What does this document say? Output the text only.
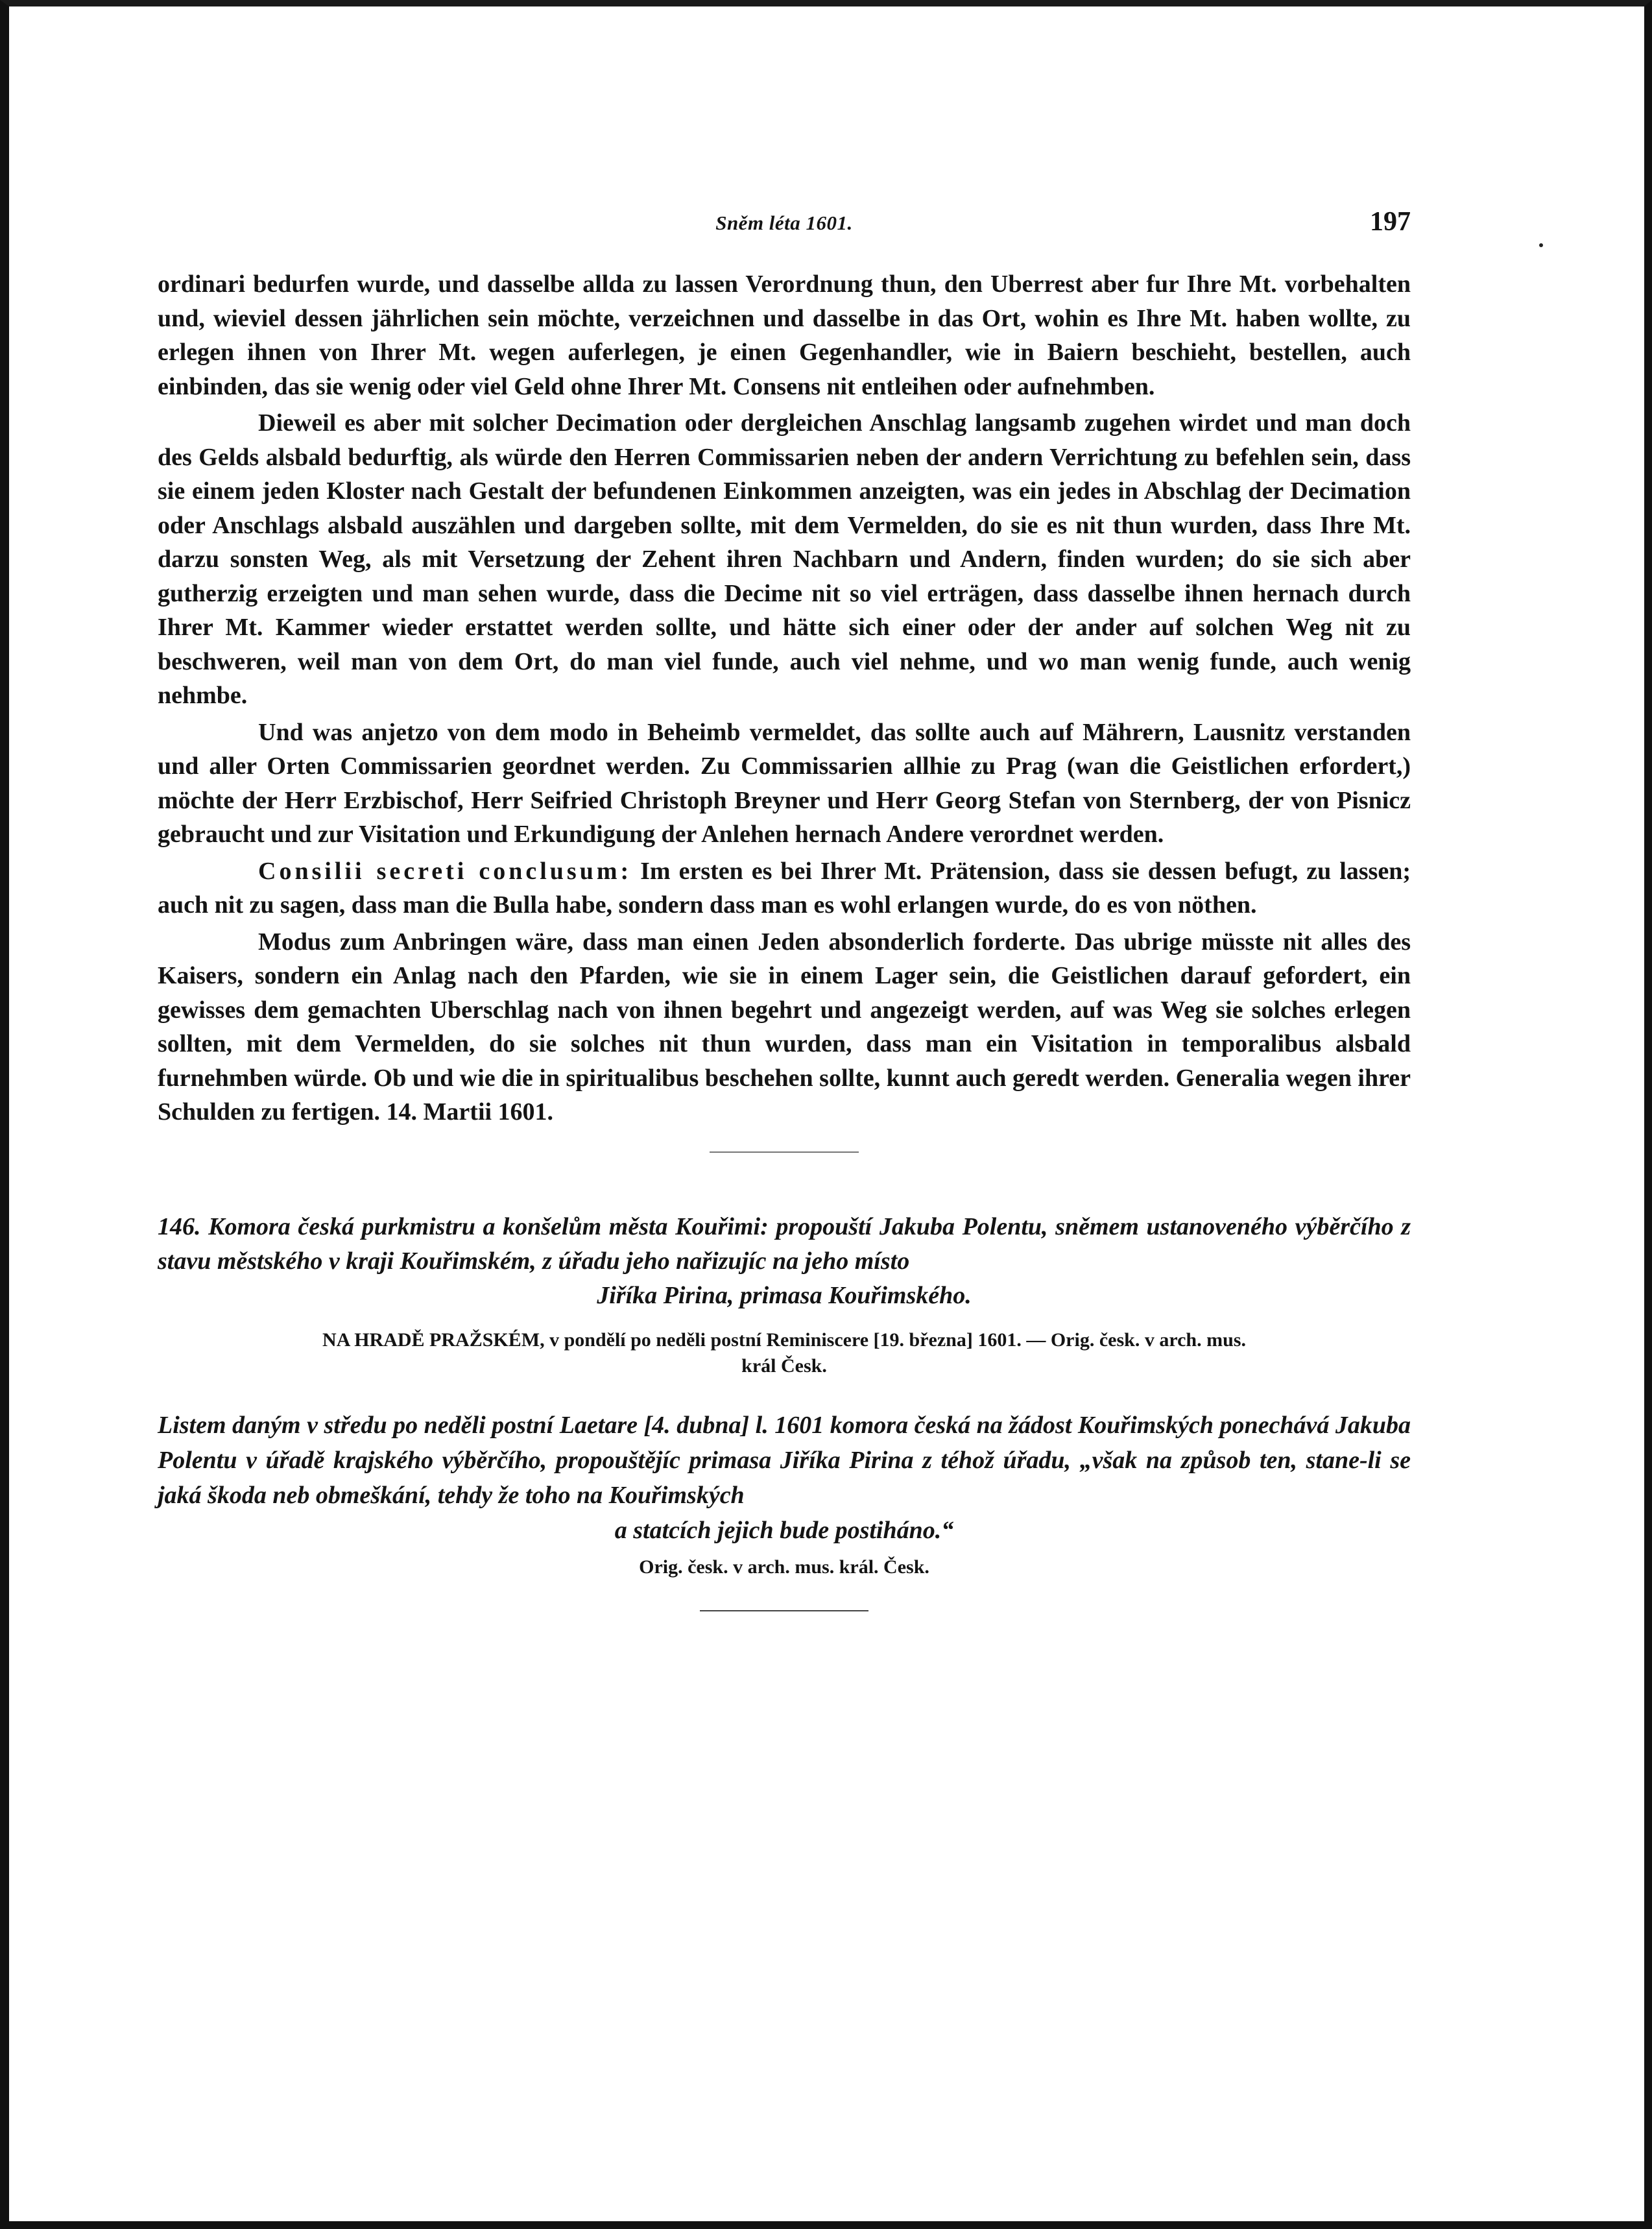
Sněm léta 1601.	197

ordinari bedurfen wurde, und dasselbe allda zu lassen Verordnung thun, den Uberrest aber fur Ihre Mt. vorbehalten und, wieviel dessen jährlichen sein möchte, verzeichnen und dasselbe in das Ort, wohin es Ihre Mt. haben wollte, zu erlegen ihnen von Ihrer Mt. wegen auferlegen, je einen Gegenhandler, wie in Baiern beschieht, bestellen, auch einbinden, das sie wenig oder viel Geld ohne Ihrer Mt. Consens nit entleihen oder aufnehmben.

Dieweil es aber mit solcher Decimation oder dergleichen Anschlag langsamb zugehen wirdet und man doch des Gelds alsbald bedurftig, als würde den Herren Commissarien neben der andern Verrichtung zu befehlen sein, dass sie einem jeden Kloster nach Gestalt der befundenen Einkommen anzeigten, was ein jedes in Abschlag der Decimation oder Anschlags alsbald auszählen und dargeben sollte, mit dem Vermelden, do sie es nit thun wurden, dass Ihre Mt. darzu sonsten Weg, als mit Versetzung der Zehent ihren Nachbarn und Andern, finden wurden; do sie sich aber gutherzig erzeigten und man sehen wurde, dass die Decime nit so viel erträgen, dass dasselbe ihnen hernach durch Ihrer Mt. Kammer wieder erstattet werden sollte, und hätte sich einer oder der ander auf solchen Weg nit zu beschweren, weil man von dem Ort, do man viel funde, auch viel nehme, und wo man wenig funde, auch wenig nehmbe.

Und was anjetzo von dem modo in Beheimb vermeldet, das sollte auch auf Mährern, Lausnitz verstanden und aller Orten Commissarien geordnet werden. Zu Commissarien allhie zu Prag (wan die Geistlichen erfordert,) möchte der Herr Erzbischof, Herr Seifried Christoph Breyner und Herr Georg Stefan von Sternberg, der von Pisnicz gebraucht und zur Visitation und Erkundigung der Anlehen hernach Andere verordnet werden.

Consilii secreti conclusum: Im ersten es bei Ihrer Mt. Prätension, dass sie dessen befugt, zu lassen; auch nit zu sagen, dass man die Bulla habe, sondern dass man es wohl erlangen wurde, do es von nöthen.

Modus zum Anbringen wäre, dass man einen Jeden absonderlich forderte. Das ubrige müsste nit alles des Kaisers, sondern ein Anlag nach den Pfarden, wie sie in einem Lager sein, die Geistlichen darauf gefordert, ein gewisses dem gemachten Uberschlag nach von ihnen begehrt und angezeigt werden, auf was Weg sie solches erlegen sollten, mit dem Vermelden, do sie solches nit thun wurden, dass man ein Visitation in temporalibus alsbald furnehmben würde. Ob und wie die in spiritualibus beschehen sollte, kunnt auch geredt werden. Generalia wegen ihrer Schulden zu fertigen. 14. Martii 1601.

146. Komora česká purkmistru a konšelům města Kouřimi: propouští Jakuba Polentu, sněmem ustanoveného výběrčího z stavu městského v kraji Kouřimském, z úřadu jeho nařizujíc na jeho místo
Jiříka Pirina, primasa Kouřimského.
NA HRADĚ PRAŽSKÉM, v pondělí po neděli postní Reminiscere [19. března] 1601. — Orig. česk. v arch. mus.
král Česk.
Listem daným v středu po neděli postní Laetare [4. dubna] l. 1601 komora česká na žádost Kouřimských ponechává Jakuba Polentu v úřadě krajského výběrčího, propouštějíc primasa Jiříka Pirina z téhož úřadu, „však na způsob ten, stane-li se jaká škoda neb obmeškání, tehdy že toho na Kouřimských
a statcích jejich bude postiháno.“
Orig. česk. v arch. mus. král. Česk.
